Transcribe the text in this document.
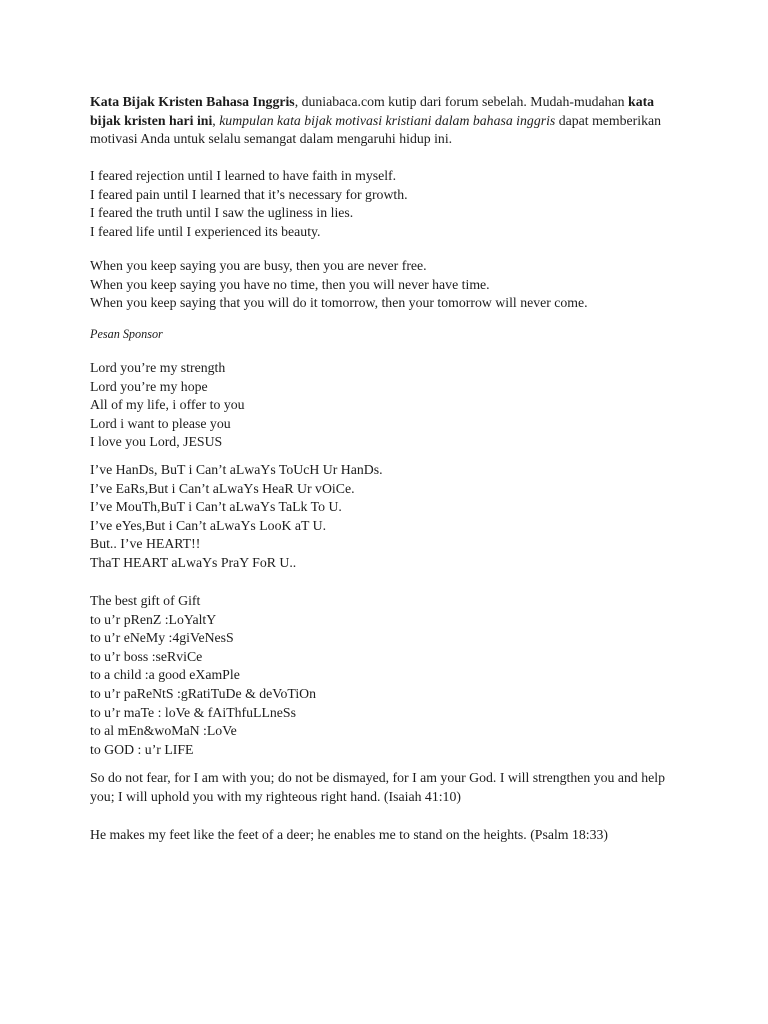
Kata Bijak Kristen Bahasa Inggris, duniabaca.com kutip dari forum sebelah. Mudah-mudahan kata bijak kristen hari ini, kumpulan kata bijak motivasi kristiani dalam bahasa inggris dapat memberikan motivasi Anda untuk selalu semangat dalam mengaruhi hidup ini.

I feared rejection until I learned to have faith in myself.
I feared pain until I learned that it’s necessary for growth.
I feared the truth until I saw the ugliness in lies.
I feared life until I experienced its beauty.
When you keep saying you are busy, then you are never free.
When you keep saying you have no time, then you will never have time.
When you keep saying that you will do it tomorrow, then your tomorrow will never come.

Pesan Sponsor

Lord you’re my strength
Lord you’re my hope
All of my life, i offer to you
Lord i want to please you
I love you Lord, JESUS
I’ve HanDs, BuT i Can’t aLwaYs ToUcH Ur HanDs.
I’ve EaRs,But i Can’t aLwaYs HeaR Ur vOiCe.
I’ve MouTh,BuT i Can’t aLwaYs TaLk To U.
I’ve eYes,But i Can’t aLwaYs LooK aT U.
But.. I’ve HEART!!
ThaT HEART aLwaYs PraY FoR U..
The best gift of Gift
to u’r pRenZ :LoYaltY
to u’r eNeMy :4giVeNesS
to u’r boss :seRviCe
to a child :a good eXamPle
to u’r paReNtS :gRatiTuDe & deVoTiOn
to u’r maTe : loVe & fAiThfuLLneSs
to al mEn&woMaN :LoVe
to GOD : u’r LIFE

So do not fear, for I am with you; do not be dismayed, for I am your God. I will strengthen you and help you; I will uphold you with my righteous right hand. (Isaiah 41:10)

He makes my feet like the feet of a deer; he enables me to stand on the heights. (Psalm 18:33)
